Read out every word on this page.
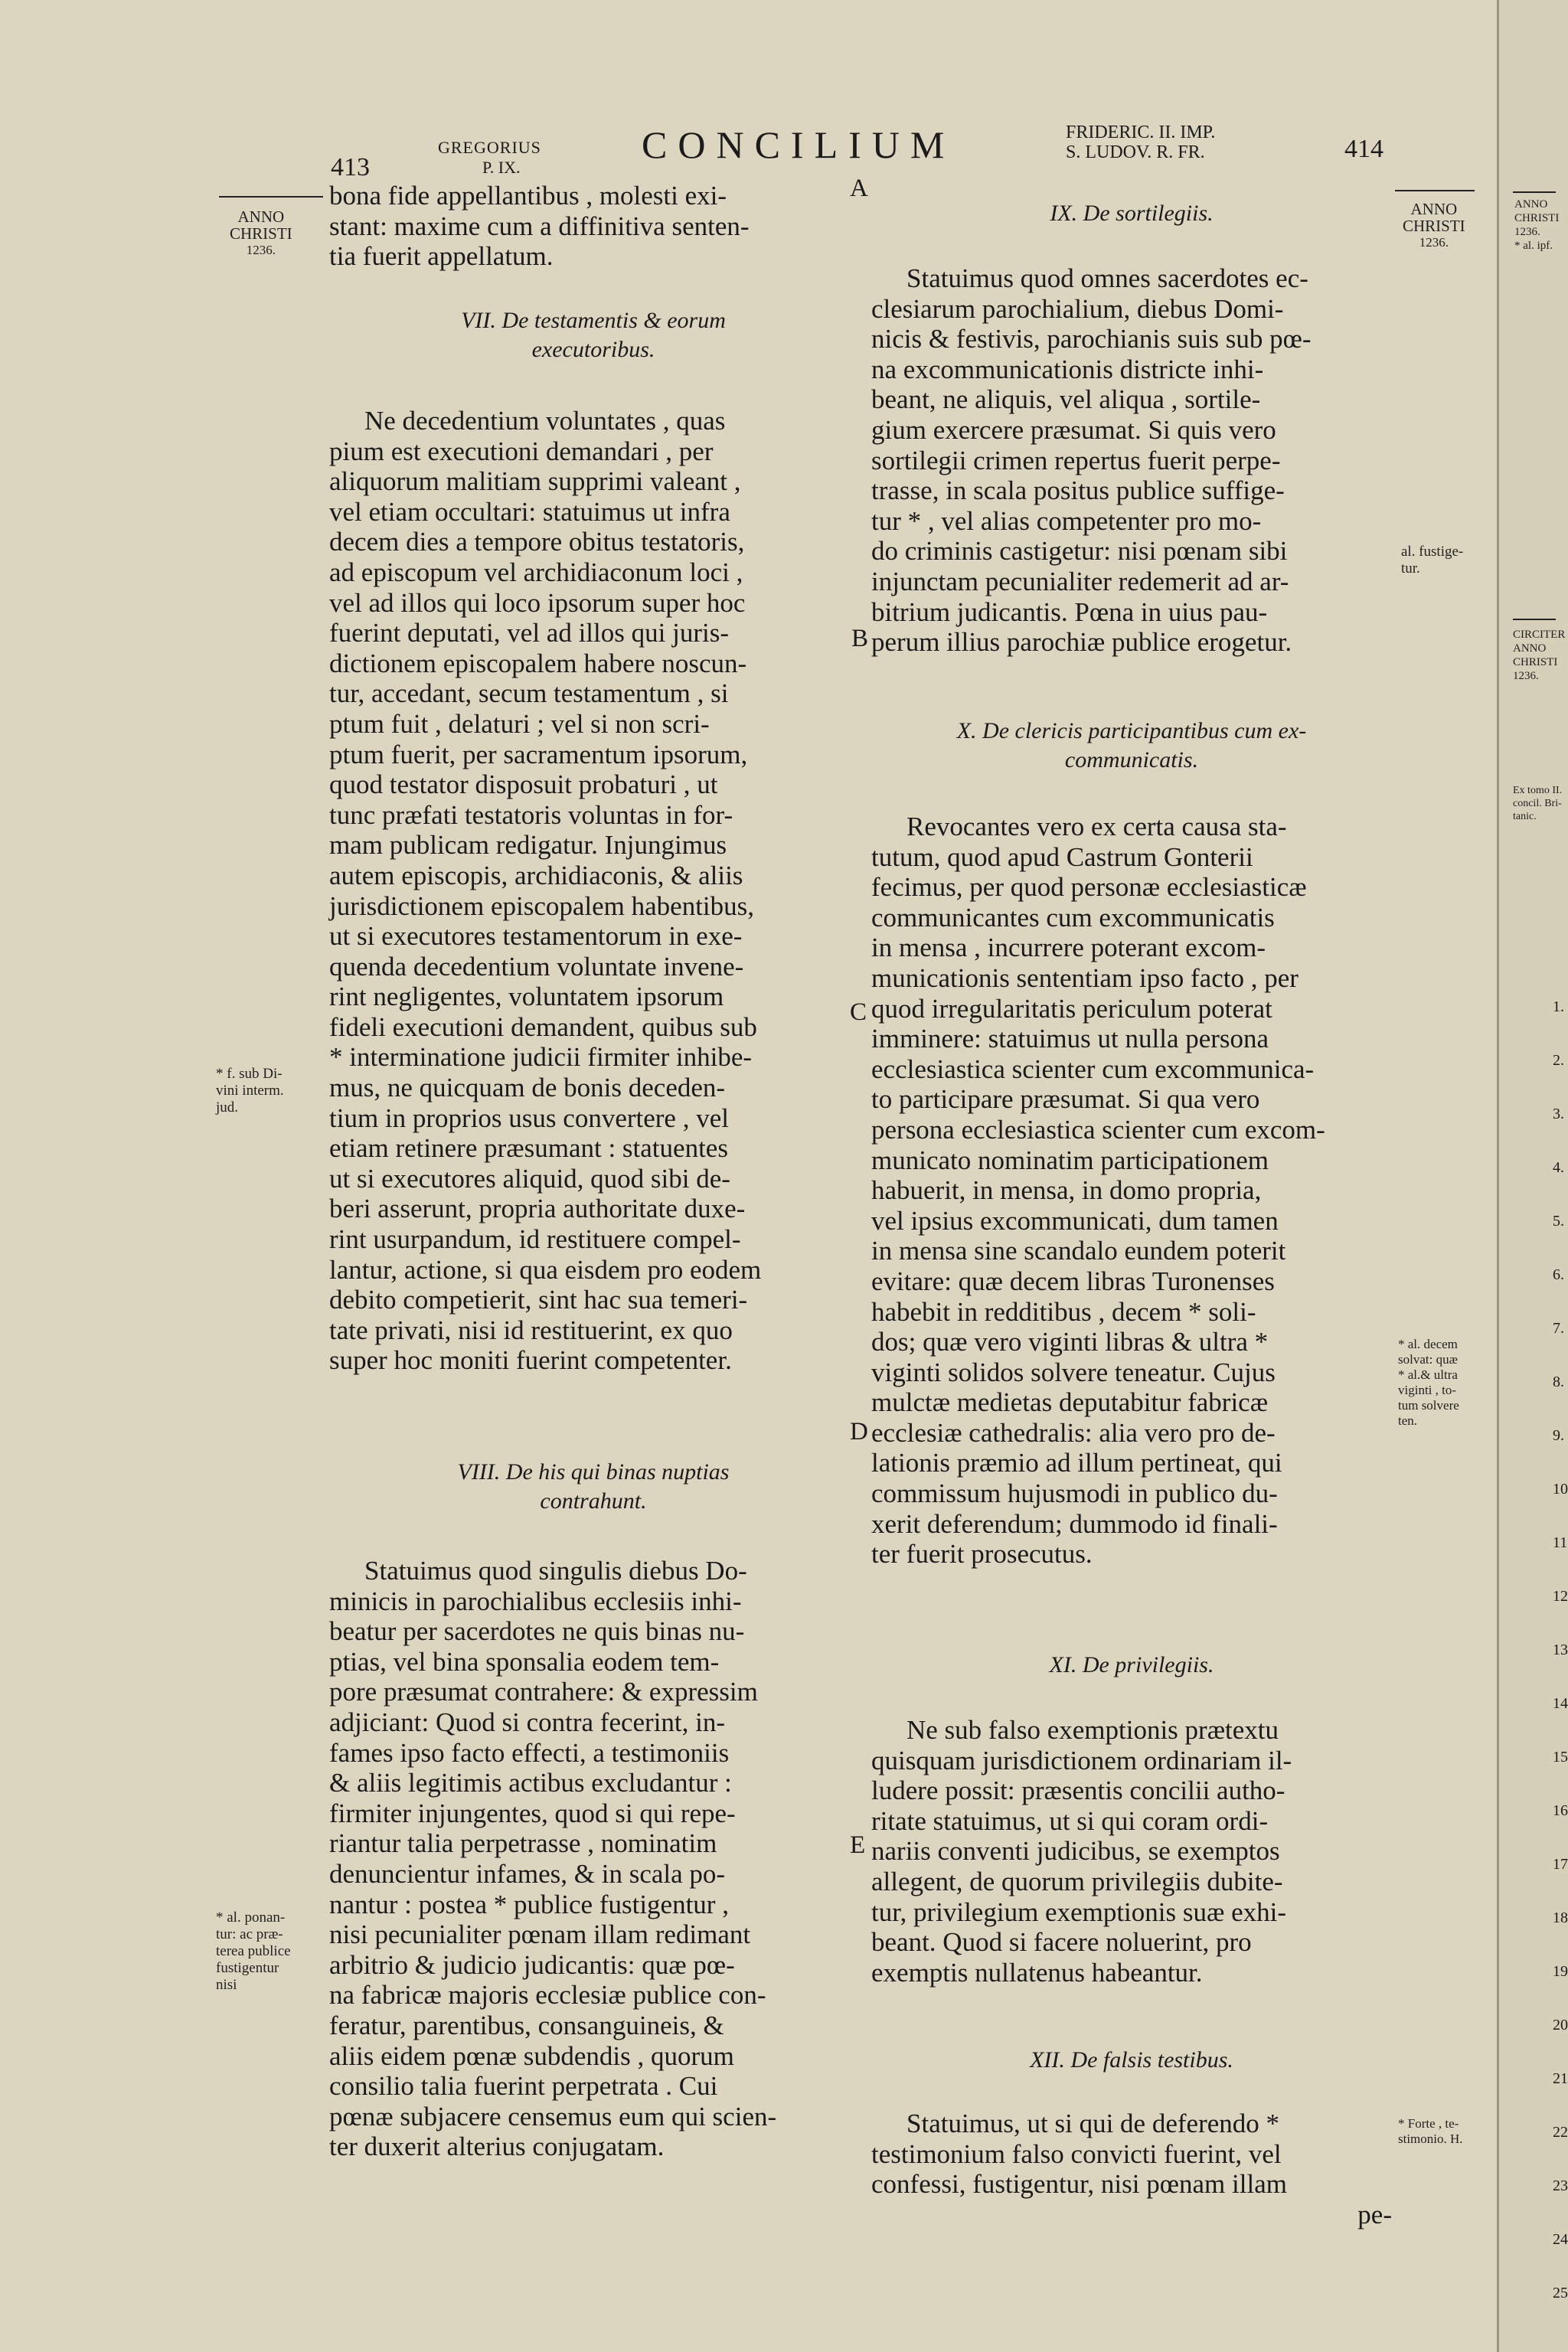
413
GREGORIUS
P. IX.
CONCILIUM	FRIDERIC. II. IMP.
S. LUDOV. R. FR.	414
ANNO
CHRISTI
1236.
ANNO
CHRISTI
1236.
bona fide appellantibus , molesti exi-
stant: maxime cum a diffinitiva senten-
tia fuerit appellatum.
VII. De testamentis & eorum
executoribus.
Ne decedentium voluntates , quas
pium est executioni demandari , per
aliquorum malitiam supprimi valeant ,
vel etiam occultari: statuimus ut infra
decem dies a tempore obitus testatoris,
ad episcopum vel archidiaconum loci ,
vel ad illos qui loco ipsorum super hoc
fuerint deputati, vel ad illos qui juris-
dictionem episcopalem habere noscun-
tur, accedant, secum testamentum , si
ptum fuit , delaturi ; vel si non scri-
ptum fuerit, per sacramentum ipsorum,
quod testator disposuit probaturi , ut
tunc præfati testatoris voluntas in for-
mam publicam redigatur. Injungimus
autem episcopis, archidiaconis, & aliis
jurisdictionem episcopalem habentibus,
ut si executores testamentorum in exe-
quenda decedentium voluntate invene-
rint negligentes, voluntatem ipsorum
fideli executioni demandent, quibus sub
* interminatione judicii firmiter inhibe-
mus, ne quicquam de bonis deceden-
tium in proprios usus convertere , vel
etiam retinere præsumant : statuentes
ut si executores aliquid, quod sibi de-
beri asserunt, propria authoritate duxe-
rint usurpandum, id restituere compel-
lantur, actione, si qua eisdem pro eodem
debito competierit, sint hac sua temeri-
tate privati, nisi id restituerint, ex quo
super hoc moniti fuerint competenter.
VIII. De his qui binas nuptias
contrahunt.
Statuimus quod singulis diebus Do-
minicis in parochialibus ecclesiis inhi-
beatur per sacerdotes ne quis binas nu-
ptias, vel bina sponsalia eodem tem-
pore præsumat contrahere: & expressim
adjiciant: Quod si contra fecerint, in-
fames ipso facto effecti, a testimoniis
& aliis legitimis actibus excludantur :
firmiter injungentes, quod si qui repe-
riantur talia perpetrasse , nominatim
denuncientur infames, & in scala po-
nantur : postea * publice fustigentur ,
nisi pecunialiter pœnam illam redimant
arbitrio & judicio judicantis: quæ pœ-
na fabricæ majoris ecclesiæ publice con-
feratur, parentibus, consanguineis, &
aliis eidem pœnæ subdendis , quorum
consilio talia fuerint perpetrata . Cui
pœnæ subjacere censemus eum qui scien-
ter duxerit alterius conjugatam.
* f. sub Di-
vini interm.
jud.
* al. ponan-
tur: ac præ-
terea publice
fustigentur
nisi
A
B
C
D
E
IX. De sortilegiis.
Statuimus quod omnes sacerdotes ec-
clesiarum parochialium, diebus Domi-
nicis & festivis, parochianis suis sub pœ-
na excommunicationis districte inhi-
beant, ne aliquis, vel aliqua , sortile-
gium exercere præsumat. Si quis vero
sortilegii crimen repertus fuerit perpe-
trasse, in scala positus publice suffige-
tur * , vel alias competenter pro mo-
do criminis castigetur: nisi pœnam sibi
injunctam pecunialiter redemerit ad ar-
bitrium judicantis. Pœna in uius pau-
perum illius parochiæ publice erogetur.
X. De clericis participantibus cum ex-
communicatis.
Revocantes vero ex certa causa sta-
tutum, quod apud Castrum Gonterii
fecimus, per quod personæ ecclesiasticæ
communicantes cum excommunicatis
in mensa , incurrere poterant excom-
municationis sententiam ipso facto , per
quod irregularitatis periculum poterat
imminere: statuimus ut nulla persona
ecclesiastica scienter cum excommunica-
to participare præsumat. Si qua vero
persona ecclesiastica scienter cum excom-
municato nominatim participationem
habuerit, in mensa, in domo propria,
vel ipsius excommunicati, dum tamen
in mensa sine scandalo eundem poterit
evitare: quæ decem libras Turonenses
habebit in redditibus , decem * soli-
dos; quæ vero viginti libras & ultra *
viginti solidos solvere teneatur. Cujus
mulctæ medietas deputabitur fabricæ
ecclesiæ cathedralis: alia vero pro de-
lationis præmio ad illum pertineat, qui
commissum hujusmodi in publico du-
xerit deferendum; dummodo id finali-
ter fuerit prosecutus.
XI. De privilegiis.
Ne sub falso exemptionis prætextu
quisquam jurisdictionem ordinariam il-
ludere possit: præsentis concilii autho-
ritate statuimus, ut si qui coram ordi-
nariis conventi judicibus, se exemptos
allegent, de quorum privilegiis dubite-
tur, privilegium exemptionis suæ exhi-
beant. Quod si facere noluerint, pro
exemptis nullatenus habeantur.
XII. De falsis testibus.
Statuimus, ut si qui de deferendo *
testimonium falso convicti fuerint, vel
confessi, fustigentur, nisi pœnam illam
pe-
al. fustige-
tur.
* al. decem
solvat: quæ
* al.& ultra
viginti , to-
tum solvere
ten.
* Forte , te-
stimonio. H.
ANNO
CHRISTI
1236.
* al. ipf.
CIRCITER
ANNO
CHRISTI
1236.
Ex tomo II.
concil. Bri-
tanic.
1.
2.
3.
4.
5.
6.
7.
8.
9.
10
11
12
13
14
15
16
17
18
19
20
21
22
23
24
25
